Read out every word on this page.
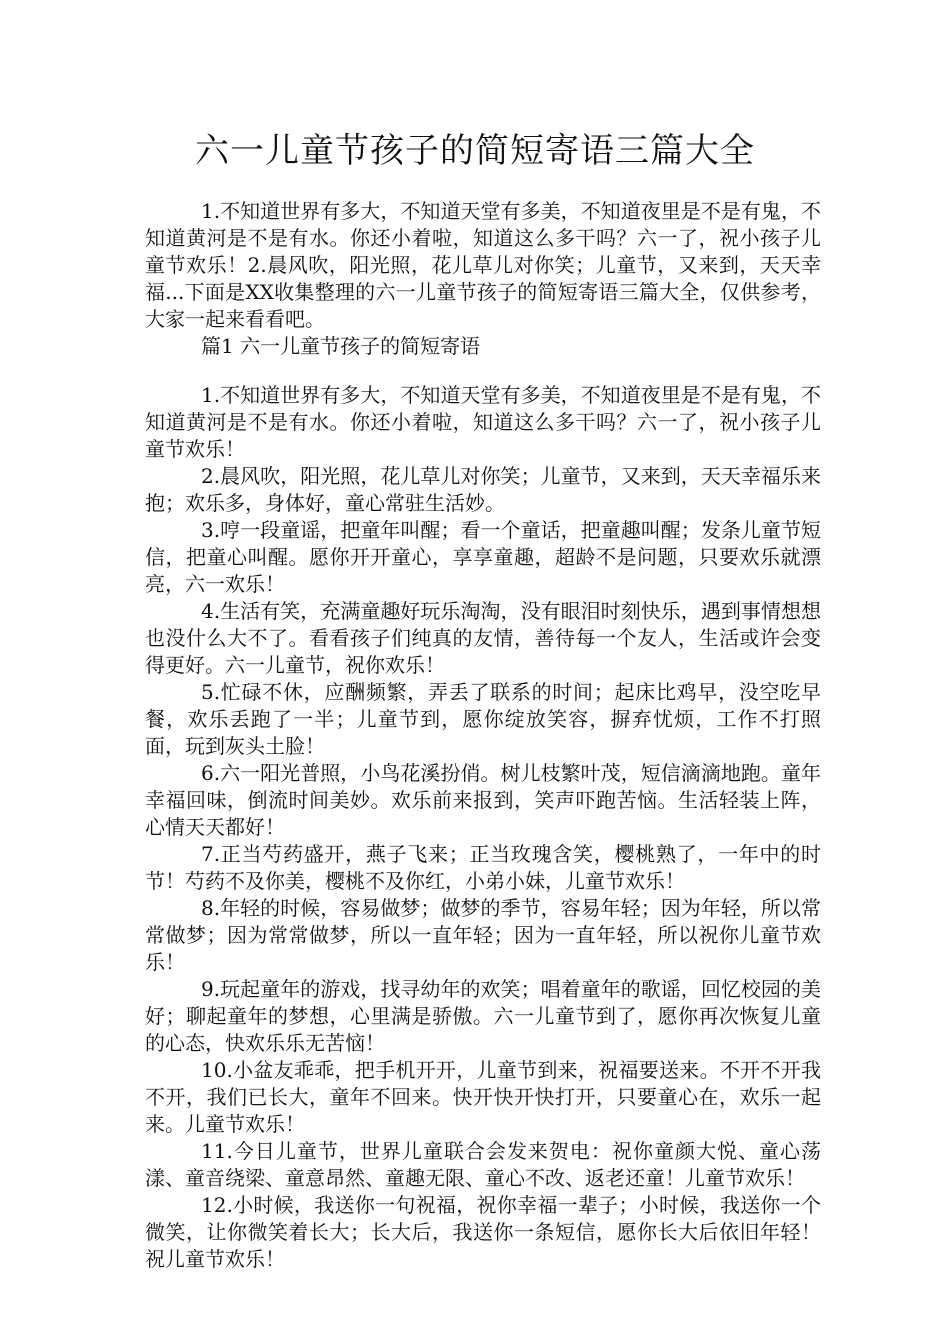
六一儿童节孩子的简短寄语三篇大全

1.不知道世界有多大，不知道天堂有多美，不知道夜里是不是有鬼，不知道黄河是不是有水。你还小着啦，知道这么多干吗？六一了，祝小孩子儿童节欢乐！2.晨风吹，阳光照，花儿草儿对你笑；儿童节，又来到，天天幸福...下面是XX收集整理的六一儿童节孩子的简短寄语三篇大全，仅供参考，大家一起来看看吧。

篇1 六一儿童节孩子的简短寄语

1.不知道世界有多大，不知道天堂有多美，不知道夜里是不是有鬼，不知道黄河是不是有水。你还小着啦，知道这么多干吗？六一了，祝小孩子儿童节欢乐！

2.晨风吹，阳光照，花儿草儿对你笑；儿童节，又来到，天天幸福乐来抱；欢乐多，身体好，童心常驻生活妙。

3.哼一段童谣，把童年叫醒；看一个童话，把童趣叫醒；发条儿童节短信，把童心叫醒。愿你开开童心，享享童趣，超龄不是问题，只要欢乐就漂亮，六一欢乐！

4.生活有笑，充满童趣好玩乐淘淘，没有眼泪时刻快乐，遇到事情想想也没什么大不了。看看孩子们纯真的友情，善待每一个友人，生活或许会变得更好。六一儿童节，祝你欢乐！

5.忙碌不休，应酬频繁，弄丢了联系的时间；起床比鸡早，没空吃早餐，欢乐丢跑了一半；儿童节到，愿你绽放笑容，摒弃忧烦，工作不打照面，玩到灰头土脸！

6.六一阳光普照，小鸟花溪扮俏。树儿枝繁叶茂，短信滴滴地跑。童年幸福回味，倒流时间美妙。欢乐前来报到，笑声吓跑苦恼。生活轻装上阵，心情天天都好！

7.正当芍药盛开，燕子飞来；正当玫瑰含笑，樱桃熟了，一年中的时节！芍药不及你美，樱桃不及你红，小弟小妹，儿童节欢乐！

8.年轻的时候，容易做梦；做梦的季节，容易年轻；因为年轻，所以常常做梦；因为常常做梦，所以一直年轻；因为一直年轻，所以祝你儿童节欢乐！

9.玩起童年的游戏，找寻幼年的欢笑；唱着童年的歌谣，回忆校园的美好；聊起童年的梦想，心里满是骄傲。六一儿童节到了，愿你再次恢复儿童的心态，快欢乐乐无苦恼！

10.小盆友乖乖，把手机开开，儿童节到来，祝福要送来。不开不开我不开，我们已长大，童年不回来。快开快开快打开，只要童心在，欢乐一起来。儿童节欢乐！

11.今日儿童节，世界儿童联合会发来贺电：祝你童颜大悦、童心荡漾、童音绕梁、童意昂然、童趣无限、童心不改、返老还童！儿童节欢乐！

12.小时候，我送你一句祝福，祝你幸福一辈子；小时候，我送你一个微笑，让你微笑着长大；长大后，我送你一条短信，愿你长大后依旧年轻！祝儿童节欢乐！
